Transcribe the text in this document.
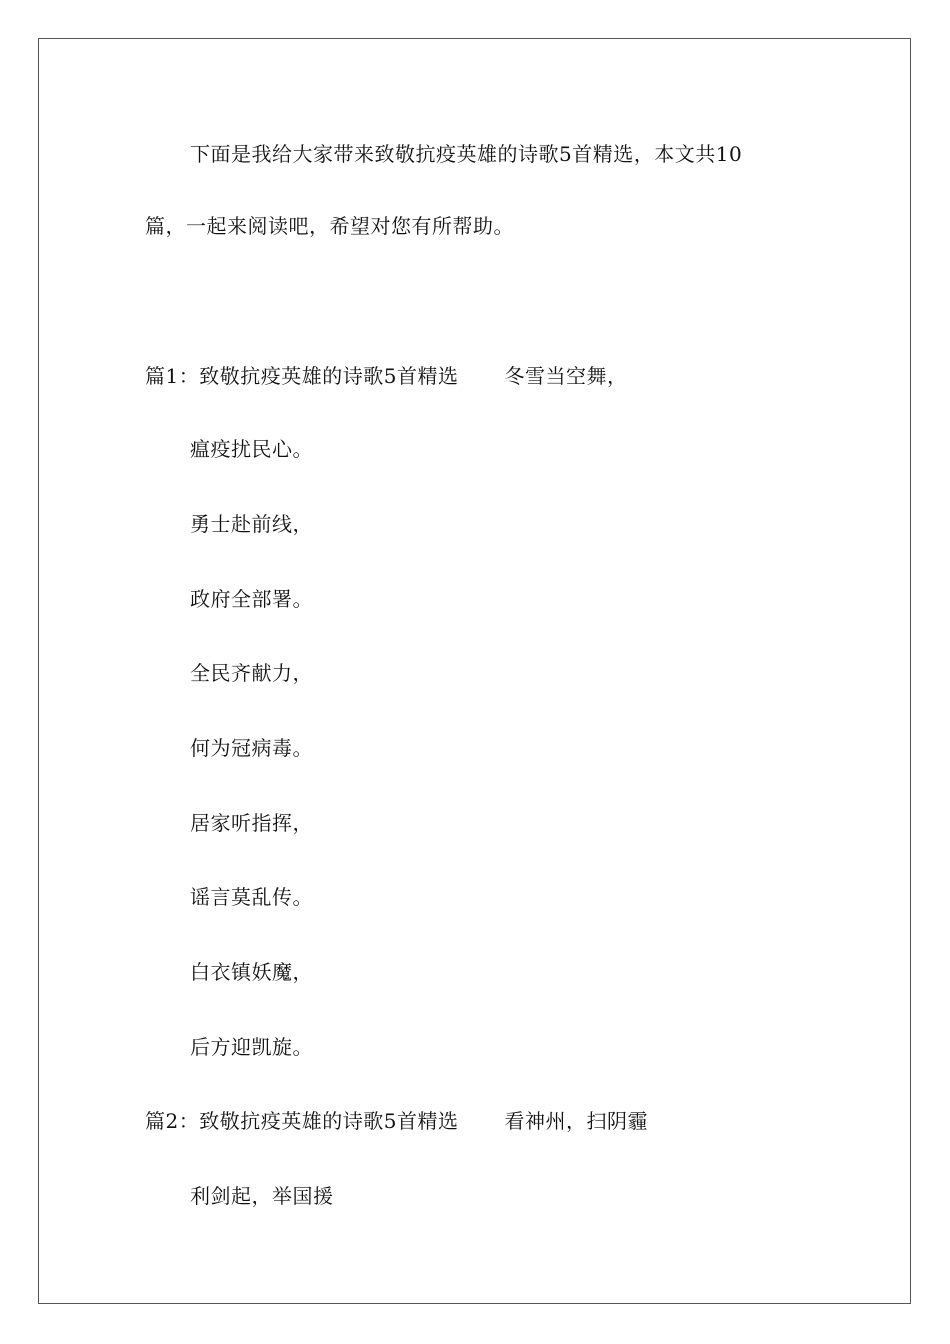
下面是我给大家带来致敬抗疫英雄的诗歌5首精选，本文共10
篇，一起来阅读吧，希望对您有所帮助。
篇1：致敬抗疫英雄的诗歌5首精选 冬雪当空舞，
瘟疫扰民心。
勇士赴前线，
政府全部署。
全民齐献力，
何为冠病毒。
居家听指挥，
谣言莫乱传。
白衣镇妖魔，
后方迎凯旋。
篇2：致敬抗疫英雄的诗歌5首精选 看神州，扫阴霾
利剑起，举国援
